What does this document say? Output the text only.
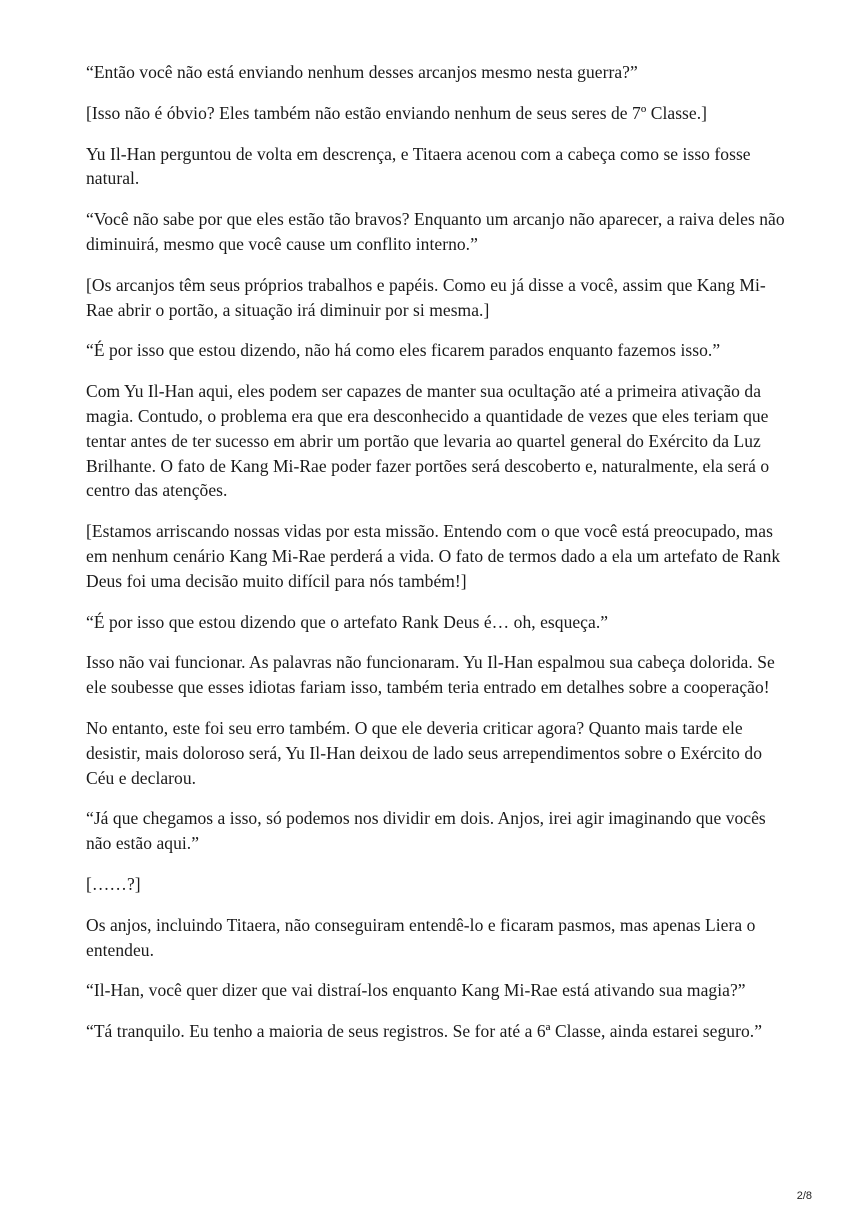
“Então você não está enviando nenhum desses arcanjos mesmo nesta guerra?”

[Isso não é óbvio? Eles também não estão enviando nenhum de seus seres de 7º Classe.]

Yu Il-Han perguntou de volta em descrença, e Titaera acenou com a cabeça como se isso fosse natural.

“Você não sabe por que eles estão tão bravos? Enquanto um arcanjo não aparecer, a raiva deles não diminuirá, mesmo que você cause um conflito interno.”

[Os arcanjos têm seus próprios trabalhos e papéis. Como eu já disse a você, assim que Kang Mi-Rae abrir o portão, a situação irá diminuir por si mesma.]

“É por isso que estou dizendo, não há como eles ficarem parados enquanto fazemos isso.”

Com Yu Il-Han aqui, eles podem ser capazes de manter sua ocultação até a primeira ativação da magia. Contudo, o problema era que era desconhecido a quantidade de vezes que eles teriam que tentar antes de ter sucesso em abrir um portão que levaria ao quartel general do Exército da Luz Brilhante. O fato de Kang Mi-Rae poder fazer portões será descoberto e, naturalmente, ela será o centro das atenções.

[Estamos arriscando nossas vidas por esta missão. Entendo com o que você está preocupado, mas em nenhum cenário Kang Mi-Rae perderá a vida. O fato de termos dado a ela um artefato de Rank Deus foi uma decisão muito difícil para nós também!]

“É por isso que estou dizendo que o artefato Rank Deus é… oh, esqueça.”

Isso não vai funcionar. As palavras não funcionaram. Yu Il-Han espalmou sua cabeça dolorida. Se ele soubesse que esses idiotas fariam isso, também teria entrado em detalhes sobre a cooperação!

No entanto, este foi seu erro também. O que ele deveria criticar agora? Quanto mais tarde ele desistir, mais doloroso será, Yu Il-Han deixou de lado seus arrependimentos sobre o Exército do Céu e declarou.

“Já que chegamos a isso, só podemos nos dividir em dois. Anjos, irei agir imaginando que vocês não estão aqui.”

[……?]

Os anjos, incluindo Titaera, não conseguiram entendê-lo e ficaram pasmos, mas apenas Liera o entendeu.

“Il-Han, você quer dizer que vai distraí-los enquanto Kang Mi-Rae está ativando sua magia?”

“Tá tranquilo. Eu tenho a maioria de seus registros. Se for até a 6ª Classe, ainda estarei seguro.”

2/8
